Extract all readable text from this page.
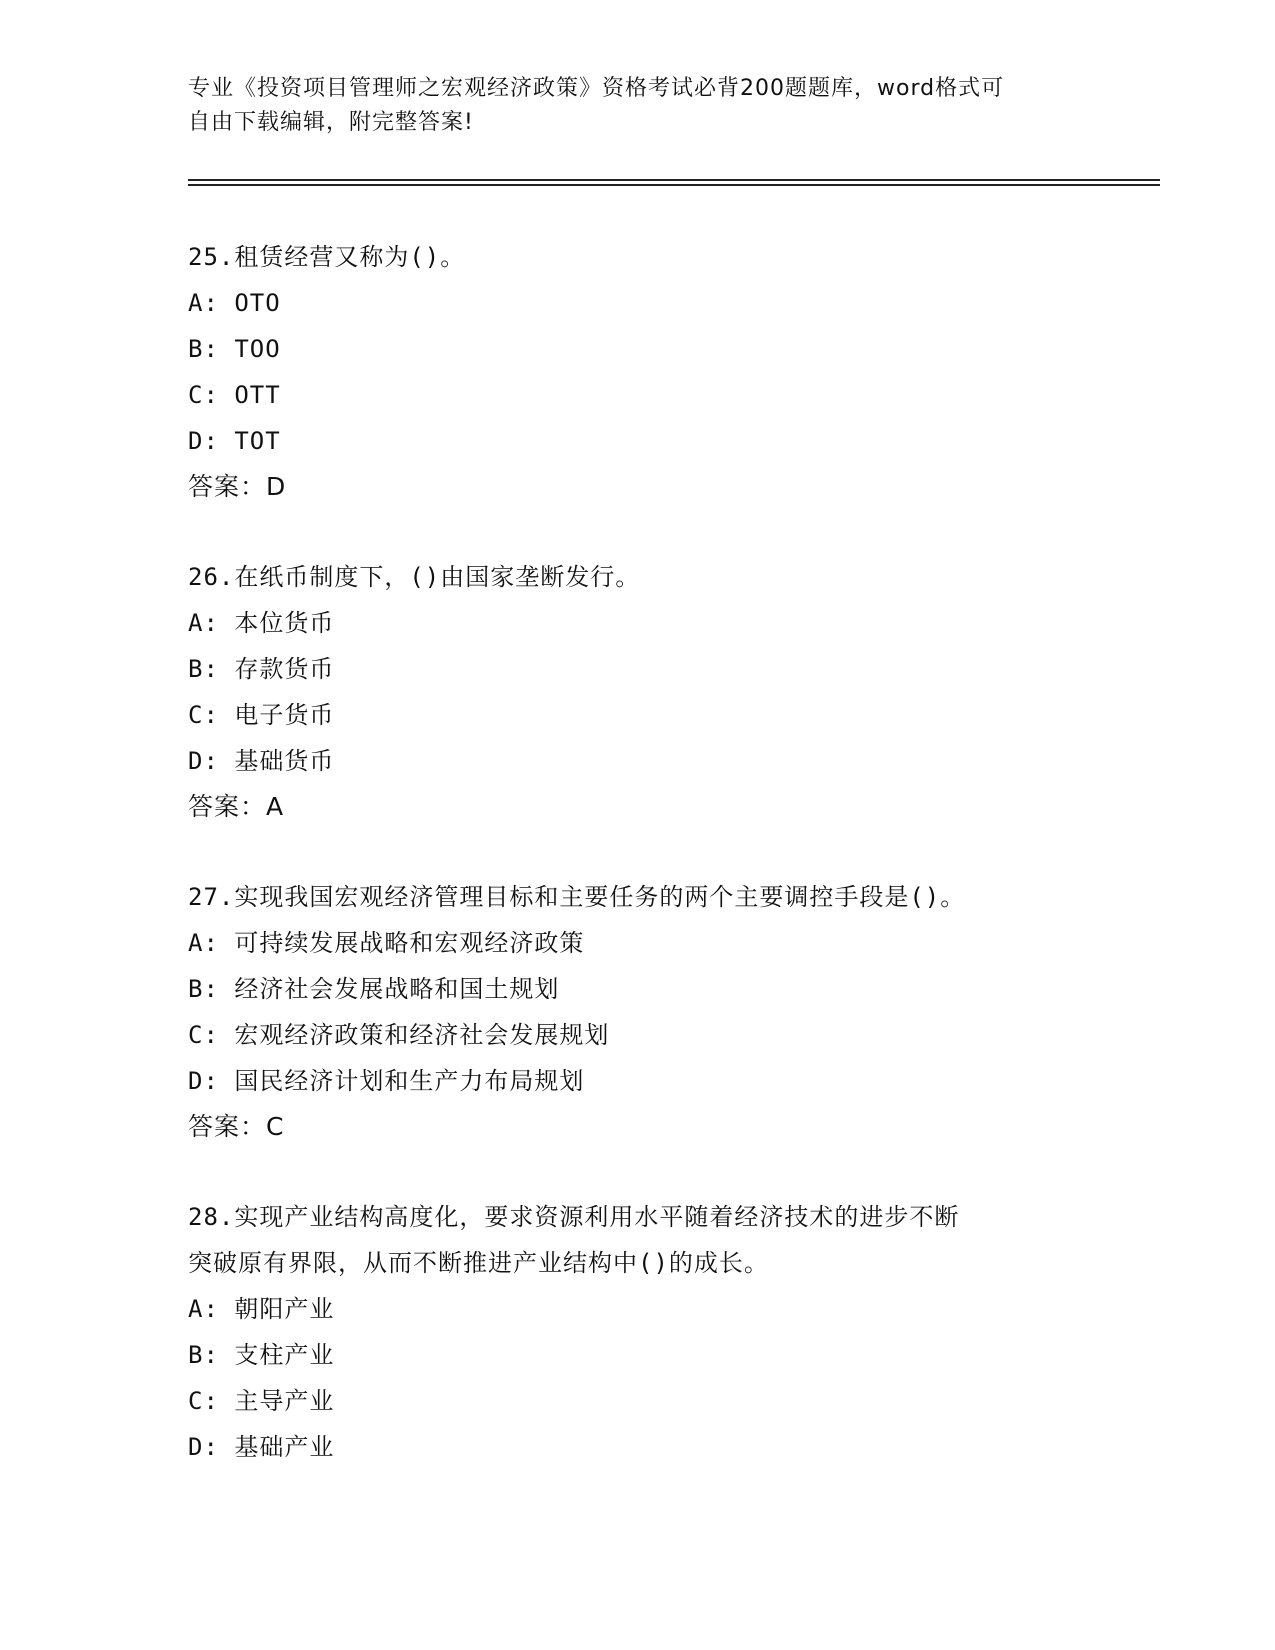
专业《投资项目管理师之宏观经济政策》资格考试必背200题题库，word格式可
自由下载编辑，附完整答案!
25.租赁经营又称为()。
A: OTO
B: TOO
C: OTT
D: TOT
答案：D
26.在纸币制度下，()由国家垄断发行。
A: 本位货币
B: 存款货币
C: 电子货币
D: 基础货币
答案：A
27.实现我国宏观经济管理目标和主要任务的两个主要调控手段是()。
A: 可持续发展战略和宏观经济政策
B: 经济社会发展战略和国土规划
C: 宏观经济政策和经济社会发展规划
D: 国民经济计划和生产力布局规划
答案：C
28.实现产业结构高度化，要求资源利用水平随着经济技术的进步不断
突破原有界限，从而不断推进产业结构中()的成长。
A: 朝阳产业
B: 支柱产业
C: 主导产业
D: 基础产业
